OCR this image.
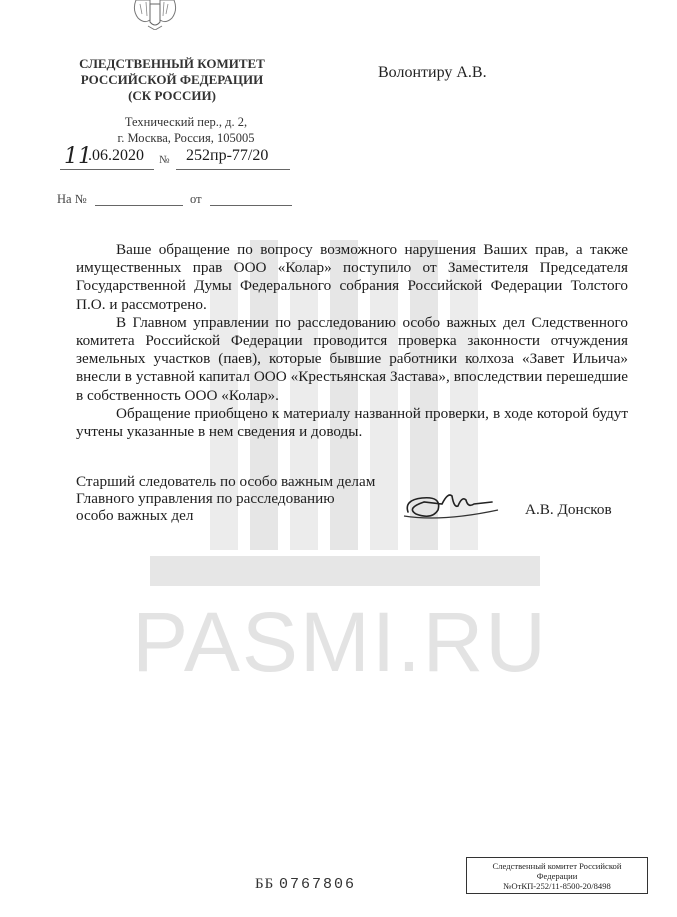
PASMI.RU
СЛЕДСТВЕННЫЙ КОМИТЕТ
РОССИЙСКОЙ ФЕДЕРАЦИИ
(СК РОССИИ)
Технический пер., д. 2,
г. Москва, Россия, 105005
11
.06.2020 № 252пр-77/20
На №	от
Волонтиру А.В.

Ваше обращение по вопросу возможного нарушения Ваших прав, а также имущественных прав ООО «Колар» поступило от Заместителя Председателя Государственной Думы Федерального собрания Российской Федерации Толстого П.О. и рассмотрено.

В Главном управлении по расследованию особо важных дел Следственного комитета Российской Федерации проводится проверка законности отчуждения земельных участков (паев), которые бывшие работники колхоза «Завет Ильича» внесли в уставной капитал ООО «Крестьянская Застава», впоследствии перешедшие в собственность ООО «Колар».

Обращение приобщено к материалу названной проверки, в ходе которой будут учтены указанные в нем сведения и доводы.

Старший следователь по особо важным делам
Главного управления по расследованию
особо важных дел	А.В. Донсков
ББ 0767806
Следственный комитет Российской
Федерации
№ОтКП-252/11-8500-20/8498
